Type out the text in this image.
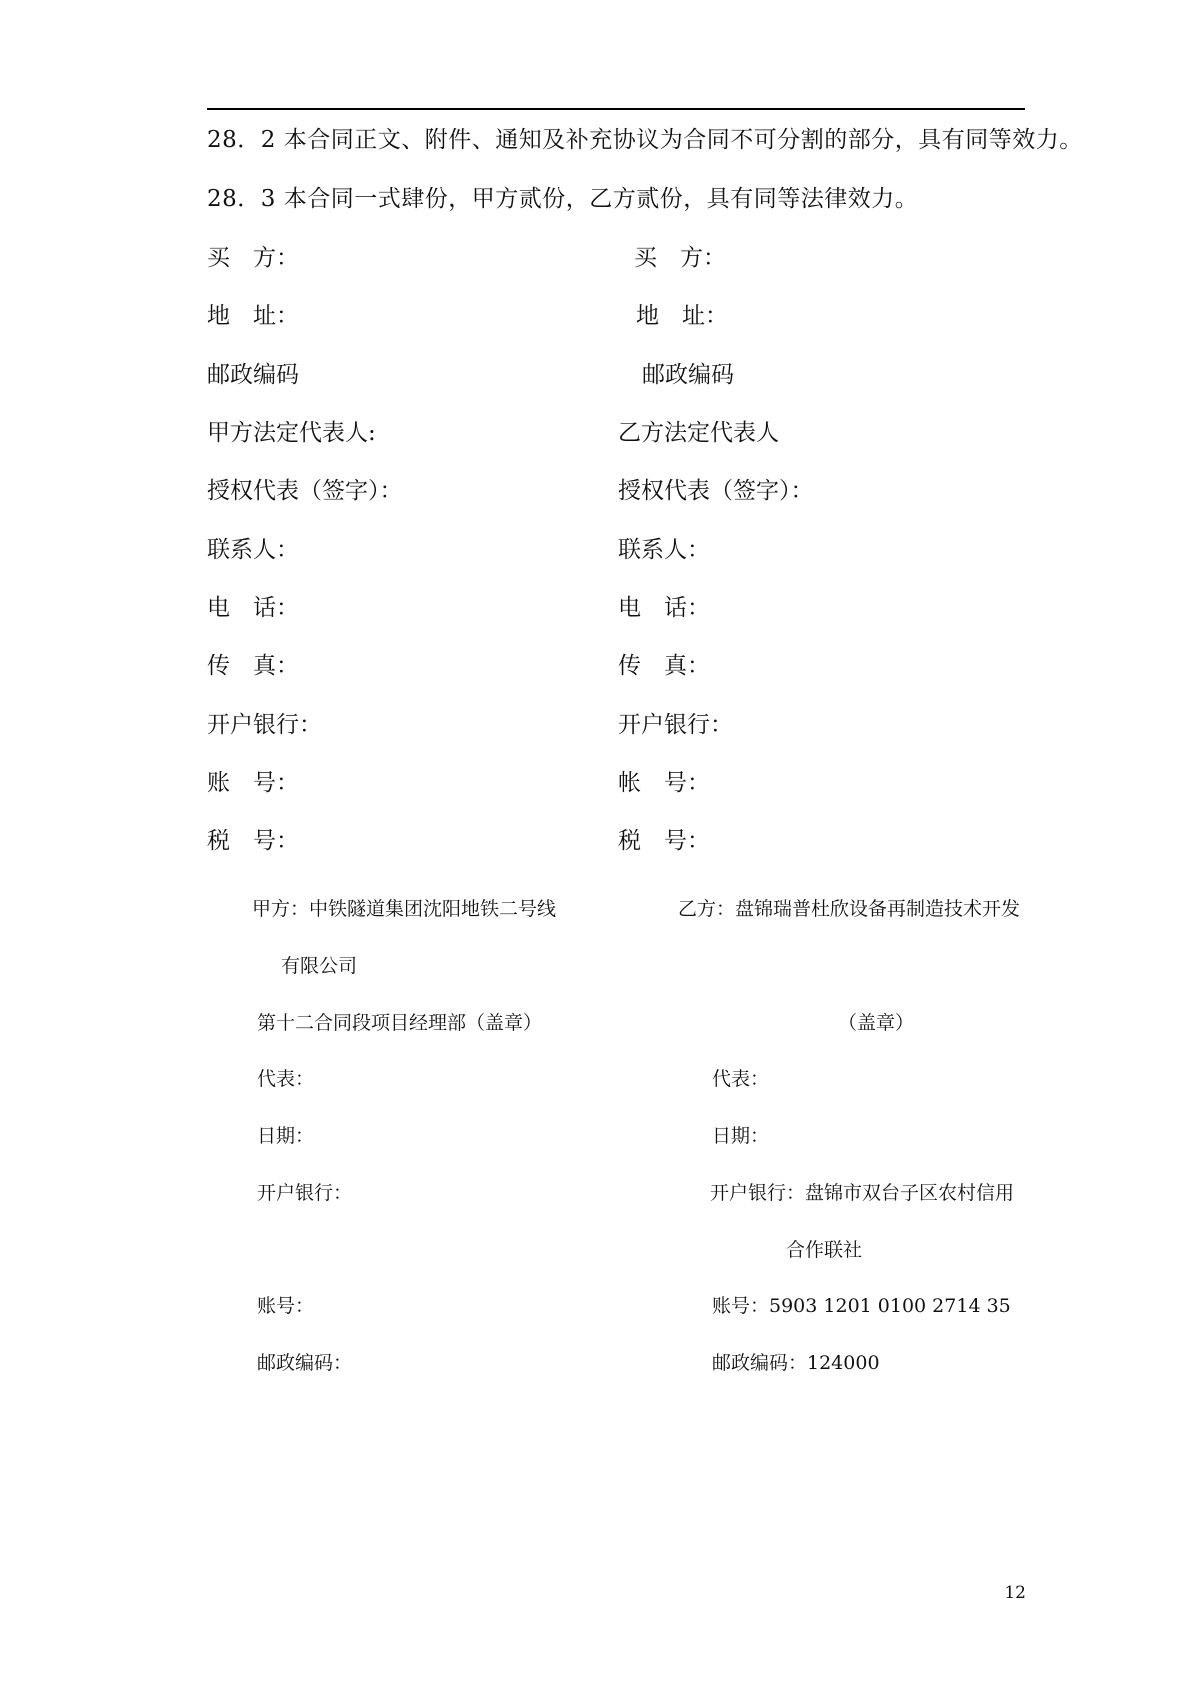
28．2 本合同正文、附件、通知及补充协议为合同不可分割的部分，具有同等效力。
28．3 本合同一式肆份，甲方贰份，乙方贰份，具有同等法律效力。
买　方：
地　址：
邮政编码
甲方法定代表人:
授权代表（签字）：
联系人：
电　话：
传　真：
开户银行：
账　号：
税　号：
买　方：
地　址：
邮政编码
乙方法定代表人
授权代表（签字）：
联系人：
电　话：
传　真：
开户银行：
帐　号：
税　号：
甲方：中铁隧道集团沈阳地铁二号线
有限公司
第十二合同段项目经理部（盖章）
代表：
日期：
开户银行：
账号：
邮政编码：
乙方：盘锦瑞普杜欣设备再制造技术开发
（盖章）
代表：
日期：
开户银行：盘锦市双台子区农村信用
合作联社
账号：5903 1201 0100 2714 35
邮政编码：124000
12
